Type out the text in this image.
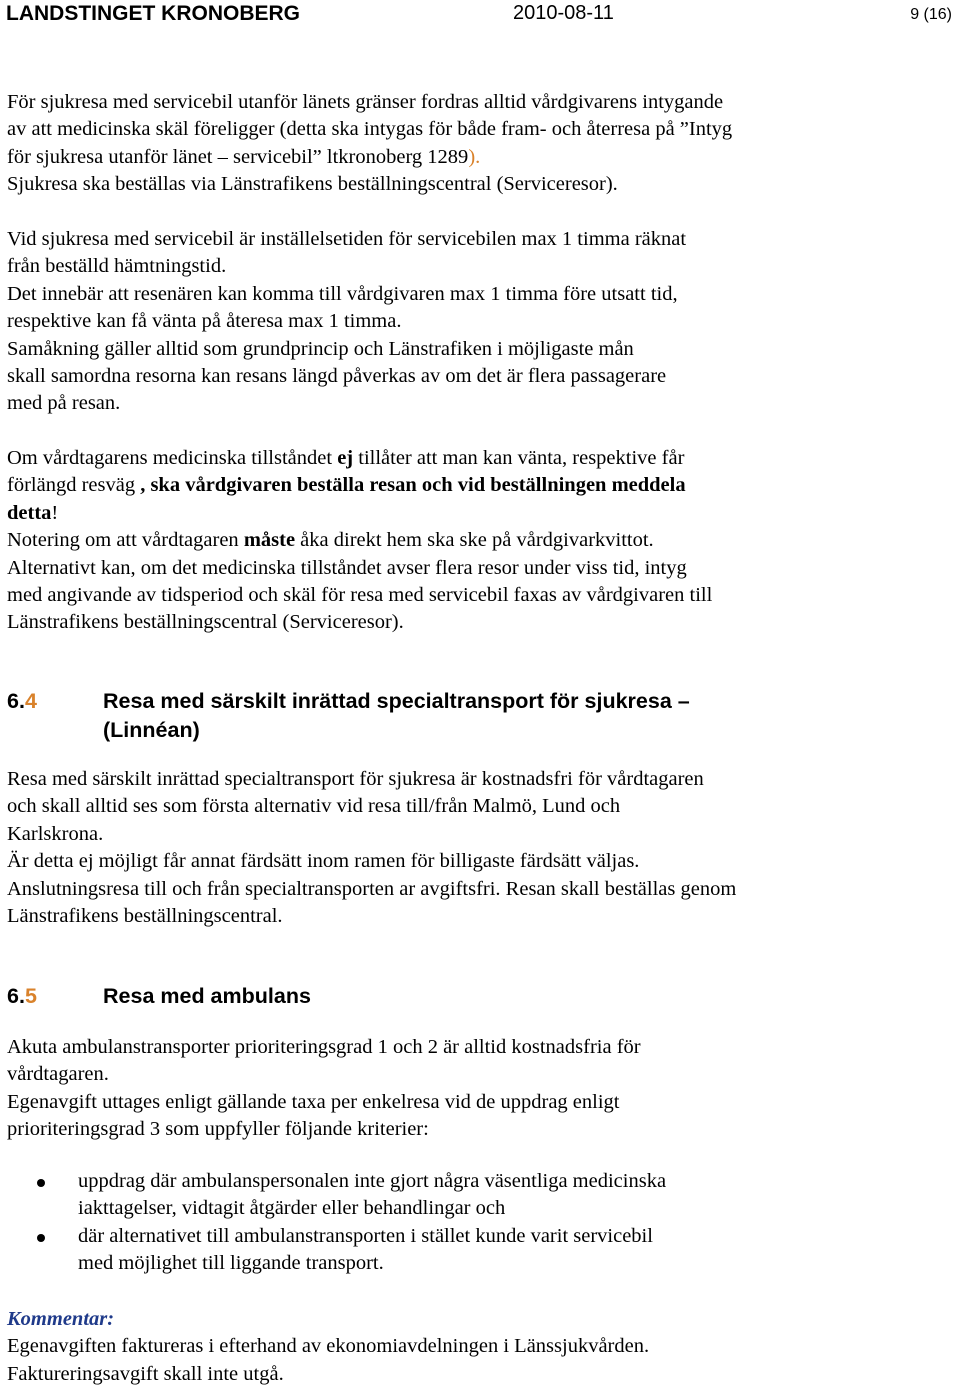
LANDSTINGET KRONOBERG	2010-08-11	9 (16)
För sjukresa med servicebil utanför länets gränser fordras alltid vårdgivarens intygande
av att medicinska skäl föreligger (detta ska intygas för både fram- och återresa på ”Intyg
för sjukresa utanför länet – servicebil” ltkronoberg 1289).
Sjukresa ska beställas via Länstrafikens beställningscentral (Serviceresor).
Vid sjukresa med servicebil är inställelsetiden för servicebilen max 1 timma räknat
från beställd hämtningstid.
Det innebär att resenären kan komma till vårdgivaren max 1 timma före utsatt tid,
respektive kan få vänta på återesa max 1 timma.
Samåkning gäller alltid som grundprincip och Länstrafiken i möjligaste mån
skall samordna resorna kan resans längd påverkas av om det är flera passagerare
med på resan.
Om vårdtagarens medicinska tillståndet ej tillåter att man kan vänta, respektive får
förlängd resväg , ska vårdgivaren beställa resan och vid beställningen meddela
detta!
Notering om att vårdtagaren måste åka direkt hem ska ske på vårdgivarkvittot.
Alternativt kan, om det medicinska tillståndet avser flera resor under viss tid, intyg
med angivande av tidsperiod och skäl för resa med servicebil faxas av vårdgivaren till
Länstrafikens beställningscentral (Serviceresor).
6.4	Resa med särskilt inrättad specialtransport för sjukresa –
(Linnéan)
Resa med särskilt inrättad specialtransport för sjukresa är kostnadsfri för vårdtagaren
och skall alltid ses som första alternativ vid resa till/från Malmö, Lund och
Karlskrona.
Är detta ej möjligt får annat färdsätt inom ramen för billigaste färdsätt väljas.
Anslutningsresa till och från specialtransporten ar avgiftsfri. Resan skall beställas genom
Länstrafikens beställningscentral.
6.5	Resa med ambulans
Akuta ambulanstransporter prioriteringsgrad 1 och 2 är alltid kostnadsfria för
vårdtagaren.
Egenavgift uttages enligt gällande taxa per enkelresa vid de uppdrag enligt
prioriteringsgrad 3 som uppfyller följande kriterier:
uppdrag där ambulanspersonalen inte gjort några väsentliga medicinska
iakttagelser, vidtagit åtgärder eller behandlingar och
där alternativet till ambulanstransporten i stället kunde varit servicebil
med möjlighet till liggande transport.
Kommentar:
Egenavgiften faktureras i efterhand av ekonomiavdelningen i Länssjukvården.
Faktureringsavgift skall inte utgå.
